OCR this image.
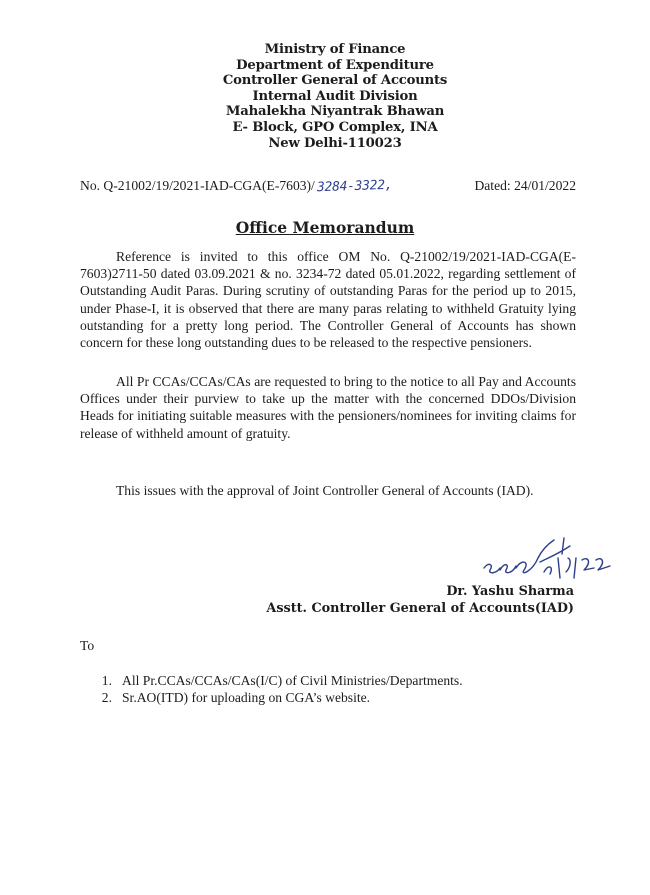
Ministry of Finance
Department of Expenditure
Controller General of Accounts
Internal Audit Division
Mahalekha Niyantrak Bhawan
E- Block, GPO Complex, INA
New Delhi-110023
No. Q-21002/19/2021-IAD-CGA(E-7603)/ 3284-3322,	Dated: 24/01/2022
Office Memorandum
Reference is invited to this office OM No. Q-21002/19/2021-IAD-CGA(E-7603)2711-50 dated 03.09.2021 & no. 3234-72 dated 05.01.2022, regarding settlement of Outstanding Audit Paras. During scrutiny of outstanding Paras for the period up to 2015, under Phase-I, it is observed that there are many paras relating to withheld Gratuity lying outstanding for a pretty long period. The Controller General of Accounts has shown concern for these long outstanding dues to be released to the respective pensioners.
All Pr CCAs/CCAs/CAs are requested to bring to the notice to all Pay and Accounts Offices under their purview to take up the matter with the concerned DDOs/Division Heads for initiating suitable measures with the pensioners/nominees for inviting claims for release of withheld amount of gratuity.
This issues with the approval of Joint Controller General of Accounts (IAD).
Dr. Yashu Sharma
Asstt. Controller General of Accounts(IAD)
To
1. All Pr.CCAs/CCAs/CAs(I/C) of Civil Ministries/Departments.
2. Sr.AO(ITD) for uploading on CGA’s website.
